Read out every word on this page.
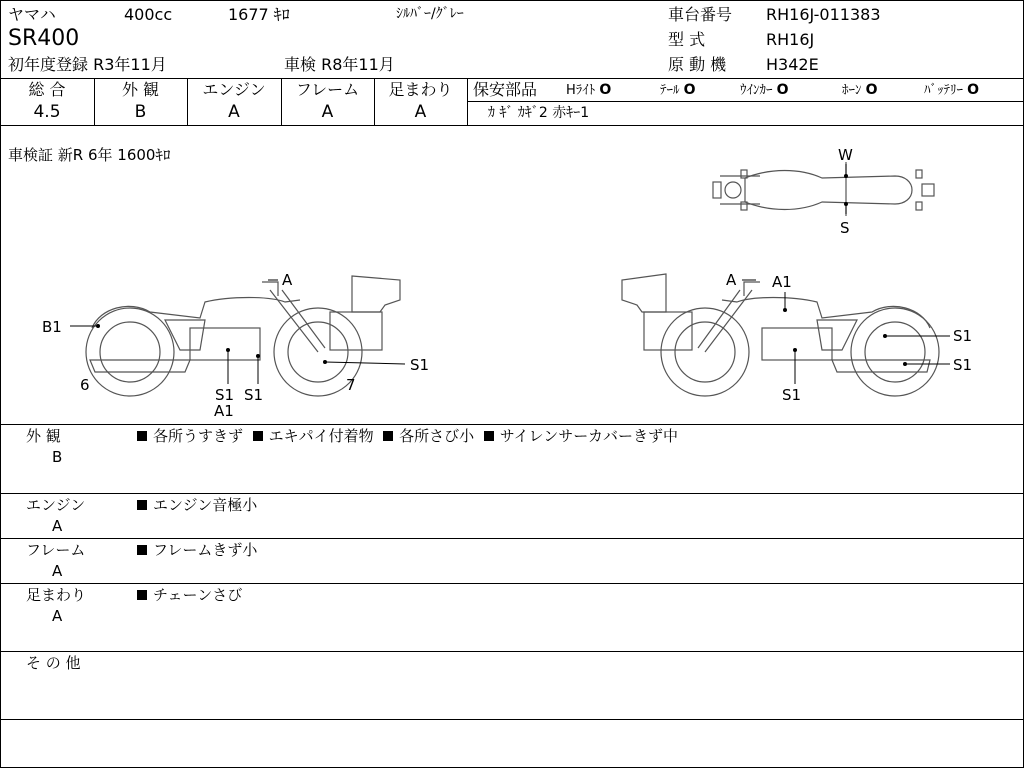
ヤマハ	400cc	1677 ｷﾛ	ｼﾙﾊﾞｰ/ｸﾞﾚｰ
SR400
初年度登録 R3年11月	車検 R8年11月
車台番号 RH16J-011383
型 式	RH16J
原 動 機 H342E
総 合
4.5
外 観
B
エンジン
A
フレーム
A
足まわり
A
保安部品 Hﾗｲﾄ O	ﾃｰﾙ O	ｳｲﾝｶｰ O	ﾎｰﾝ O	ﾊﾞｯﾃﾘｰ O
ｶ ｷﾞ ｶｷﾞ2 赤ｷｰ1
車検証 新R 6年 1600ｷﾛ	W
S
A
B1
6
S1 S1
A1
7
S1
A A1
S1
S1
S1
外 観
B
各所うすきず エキパイ付着物 各所さび小 サイレンサーカバーきず中
エンジン
A
エンジン音極小
フレーム
A
フレームきず小
足まわり
A
チェーンさび
そ の 他
